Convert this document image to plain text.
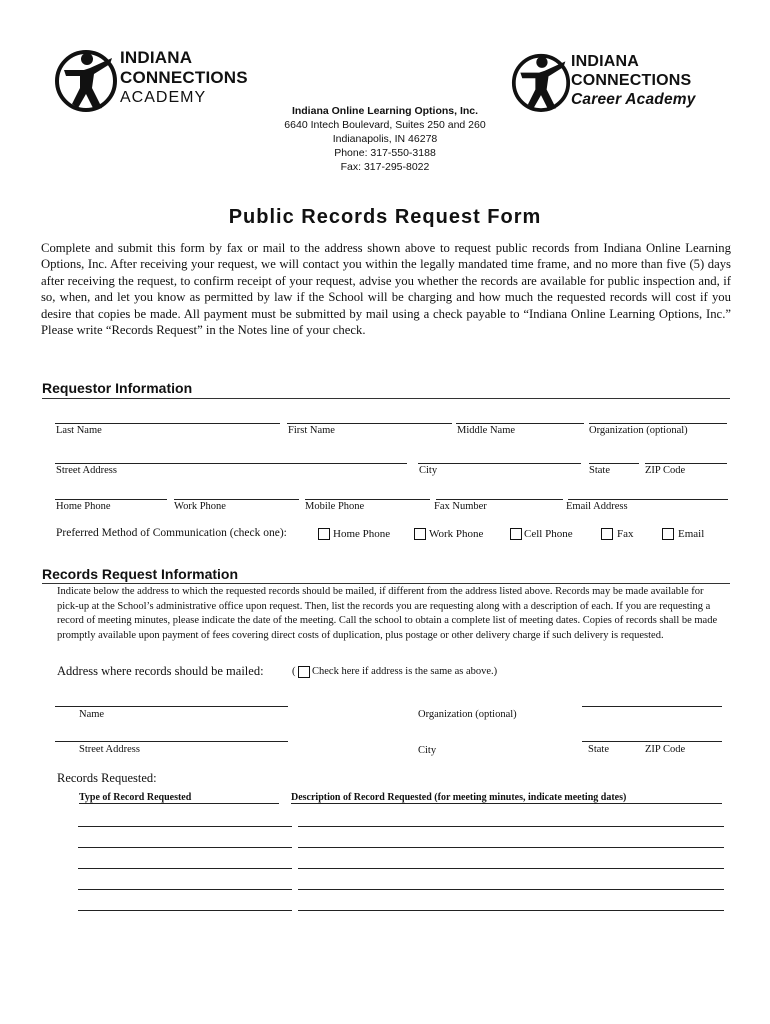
INDIANA
CONNECTIONS
ACADEMY
INDIANA
CONNECTIONS
Career Academy
Indiana Online Learning Options, Inc.
6640 Intech Boulevard, Suites 250 and 260
Indianapolis, IN 46278
Phone: 317-550-3188
Fax: 317-295-8022
Public Records Request Form
Complete and submit this form by fax or mail to the address shown above to request public records from Indiana Online Learning Options, Inc. After receiving your request, we will contact you within the legally mandated time frame, and no more than five (5) days after receiving the request, to confirm receipt of your request, advise you whether the records are available for public inspection and, if so, when, and let you know as permitted by law if the School will be charging and how much the requested records will cost if you desire that copies be made. All payment must be submitted by mail using a check payable to “Indiana Online Learning Options, Inc.” Please write “Records Request” in the Notes line of your check.
Requestor Information
Last Name	First Name	Middle Name	Organization (optional)
Street Address	City	State	ZIP Code
Home Phone	Work Phone	Mobile Phone	Fax Number	Email Address
Preferred Method of Communication (check one):	Home Phone	Work Phone	Cell Phone	Fax	Email
Records Request Information
Indicate below the address to which the requested records should be mailed, if different from the address listed above. Records may be made available for pick-up at the School’s administrative office upon request. Then, list the records you are requesting along with a description of each. If you are requesting a record of meeting minutes, please indicate the date of the meeting. Call the school to obtain a complete list of meeting dates. Copies of records shall be made promptly available upon payment of fees covering direct costs of duplication, plus postage or other delivery charge if such delivery is requested.
Address where records should be mailed:	( Check here if address is the same as above.)
Name	Organization (optional)
Street Address	City	State	ZIP Code
Records Requested:
Type of Record Requested	Description of Record Requested (for meeting minutes, indicate meeting dates)
